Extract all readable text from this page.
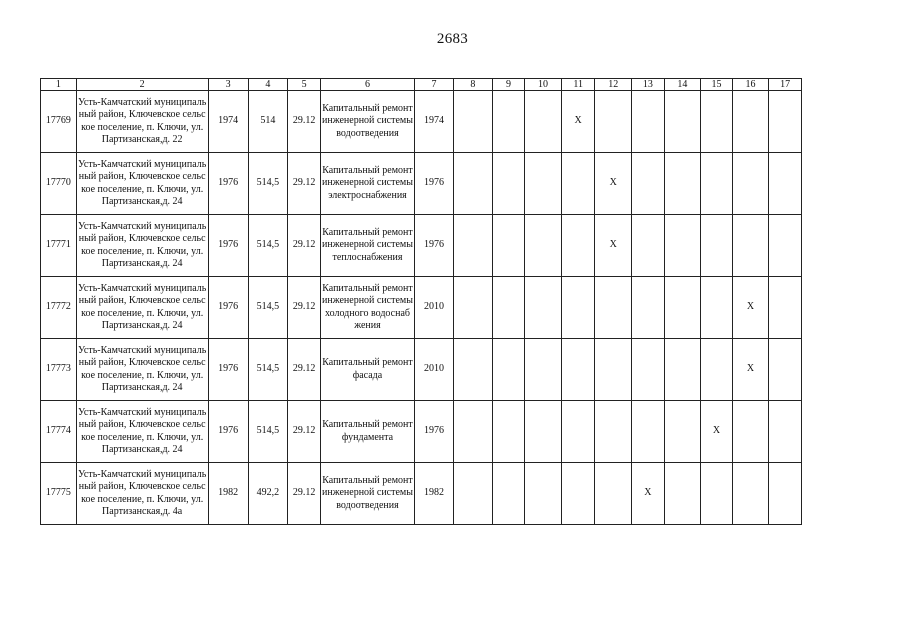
2683
1	2	3	4	5	6	7	8	9	10	11	12	13	14	15	16	17
17769	Усть-Камчатский муниципальный район, Ключевское сельское поселение, п. Ключи, ул. Партизанская,д. 22	1974	514	29.12	Капитальный ремонт инженерной системы водоотведения	1974				X						
17770	Усть-Камчатский муниципальный район, Ключевское сельское поселение, п. Ключи, ул. Партизанская,д. 24	1976	514,5	29.12	Капитальный ремонт инженерной системы электроснабжения	1976					X					
17771	Усть-Камчатский муниципальный район, Ключевское сельское поселение, п. Ключи, ул. Партизанская,д. 24	1976	514,5	29.12	Капитальный ремонт инженерной системы теплоснабжения	1976					X					
17772	Усть-Камчатский муниципальный район, Ключевское сельское поселение, п. Ключи, ул. Партизанская,д. 24	1976	514,5	29.12	Капитальный ремонт инженерной системы холодного водоснабжения	2010									X	
17773	Усть-Камчатский муниципальный район, Ключевское сельское поселение, п. Ключи, ул. Партизанская,д. 24	1976	514,5	29.12	Капитальный ремонт фасада	2010									X	
17774	Усть-Камчатский муниципальный район, Ключевское сельское поселение, п. Ключи, ул. Партизанская,д. 24	1976	514,5	29.12	Капитальный ремонт фундамента	1976								X		
17775	Усть-Камчатский муниципальный район, Ключевское сельское поселение, п. Ключи, ул. Партизанская,д. 4а	1982	492,2	29.12	Капитальный ремонт инженерной системы водоотведения	1982						X				
